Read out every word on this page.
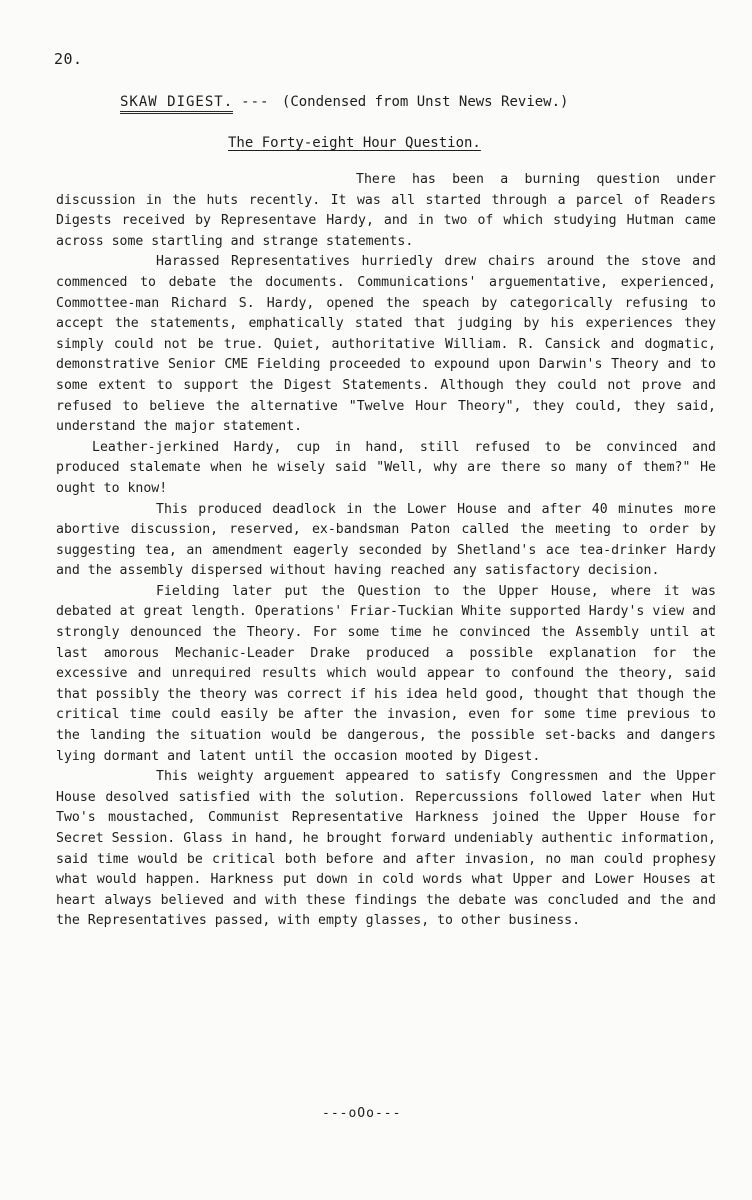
20.
SKAW DIGEST. --- (Condensed from Unst News Review.)
The Forty-eight Hour Question.

There has been a burning question under discussion in the huts recently. It was all started through a parcel of Readers Digests received by Representave Hardy, and in two of which studying Hutman came across some startling and strange statements.

Harassed Representatives hurriedly drew chairs around the stove and commenced to debate the documents. Communications' arguementative, experienced, Commottee-man Richard S. Hardy, opened the speach by categorically refusing to accept the statements, emphatically stated that judging by his experiences they simply could not be true. Quiet, authoritative William. R. Cansick and dogmatic, demonstrative Senior CME Fielding proceeded to expound upon Darwin's Theory and to some extent to support the Digest Statements. Although they could not prove and refused to believe the alternative "Twelve Hour Theory", they could, they said, understand the major statement.

Leather-jerkined Hardy, cup in hand, still refused to be convinced and produced stalemate when he wisely said "Well, why are there so many of them?" He ought to know!

This produced deadlock in the Lower House and after 40 minutes more abortive discussion, reserved, ex-bandsman Paton called the meeting to order by suggesting tea, an amendment eagerly seconded by Shetland's ace tea-drinker Hardy and the assembly dispersed without having reached any satisfactory decision.

Fielding later put the Question to the Upper House, where it was debated at great length. Operations' Friar-Tuckian White supported Hardy's view and strongly denounced the Theory. For some time he convinced the Assembly until at last amorous Mechanic-Leader Drake produced a possible explanation for the excessive and unrequired results which would appear to confound the theory, said that possibly the theory was correct if his idea held good, thought that though the critical time could easily be after the invasion, even for some time previous to the landing the situation would be dangerous, the possible set-backs and dangers lying dormant and latent until the occasion mooted by Digest.

This weighty arguement appeared to satisfy Congressmen and the Upper House desolved satisfied with the solution. Repercussions followed later when Hut Two's moustached, Communist Representative Harkness joined the Upper House for Secret Session. Glass in hand, he brought forward undeniably authentic information, said time would be critical both before and after invasion, no man could prophesy what would happen. Harkness put down in cold words what Upper and Lower Houses at heart always believed and with these findings the debate was concluded and the and the Representatives passed, with empty glasses, to other business.

---oOo---
